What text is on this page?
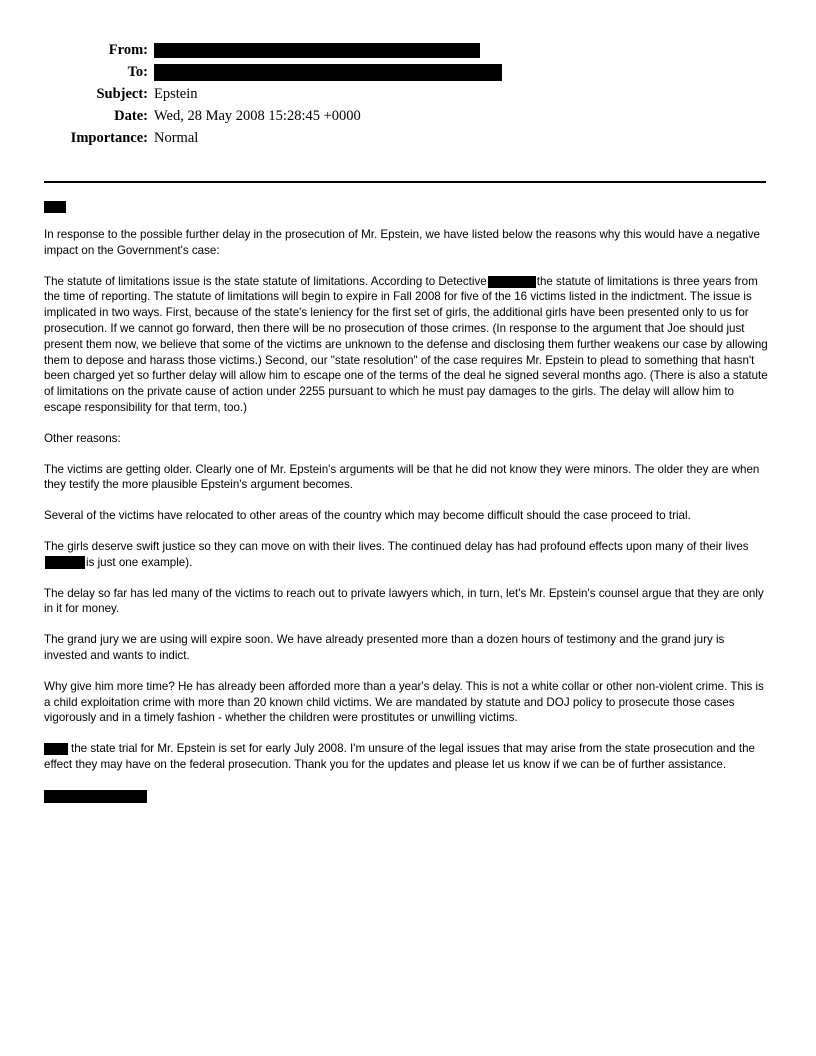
From:
To:
Subject: Epstein
Date: Wed, 28 May 2008 15:28:45 +0000
Importance: Normal

In response to the possible further delay in the prosecution of Mr. Epstein, we have listed below the reasons why this would have a negative impact on the Government's case:

The statute of limitations issue is the state statute of limitations. According to Detective	the statute of limitations is three years from the time of reporting. The statute of limitations will begin to expire in Fall 2008 for five of the 16 victims listed in the indictment. The issue is implicated in two ways. First, because of the state's leniency for the first set of girls, the additional girls have been presented only to us for prosecution. If we cannot go forward, then there will be no prosecution of those crimes. (In response to the argument that Joe should just present them now, we believe that some of the victims are unknown to the defense and disclosing them further weakens our case by allowing them to depose and harass those victims.) Second, our "state resolution" of the case requires Mr. Epstein to plead to something that hasn't been charged yet so further delay will allow him to escape one of the terms of the deal he signed several months ago. (There is also a statute of limitations on the private cause of action under 2255 pursuant to which he must pay damages to the girls. The delay will allow him to escape responsibility for that term, too.)

Other reasons:

The victims are getting older. Clearly one of Mr. Epstein's arguments will be that he did not know they were minors. The older they are when they testify the more plausible Epstein's argument becomes.

Several of the victims have relocated to other areas of the country which may become difficult should the case proceed to trial.

The girls deserve swift justice so they can move on with their lives. The continued delay has had profound effects upon many of their livesis just one example).

The delay so far has led many of the victims to reach out to private lawyers which, in turn, let's Mr. Epstein's counsel argue that they are only in it for money.

The grand jury we are using will expire soon. We have already presented more than a dozen hours of testimony and the grand jury is invested and wants to indict.

Why give him more time? He has already been afforded more than a year's delay. This is not a white collar or other non-violent crime. This is a child exploitation crime with more than 20 known child victims. We are mandated by statute and DOJ policy to prosecute those cases vigorously and in a timely fashion - whether the children were prostitutes or unwilling victims.

the state trial for Mr. Epstein is set for early July 2008. I'm unsure of the legal issues that may arise from the state prosecution and the effect they may have on the federal prosecution. Thank you for the updates and please let us know if we can be of further assistance.
